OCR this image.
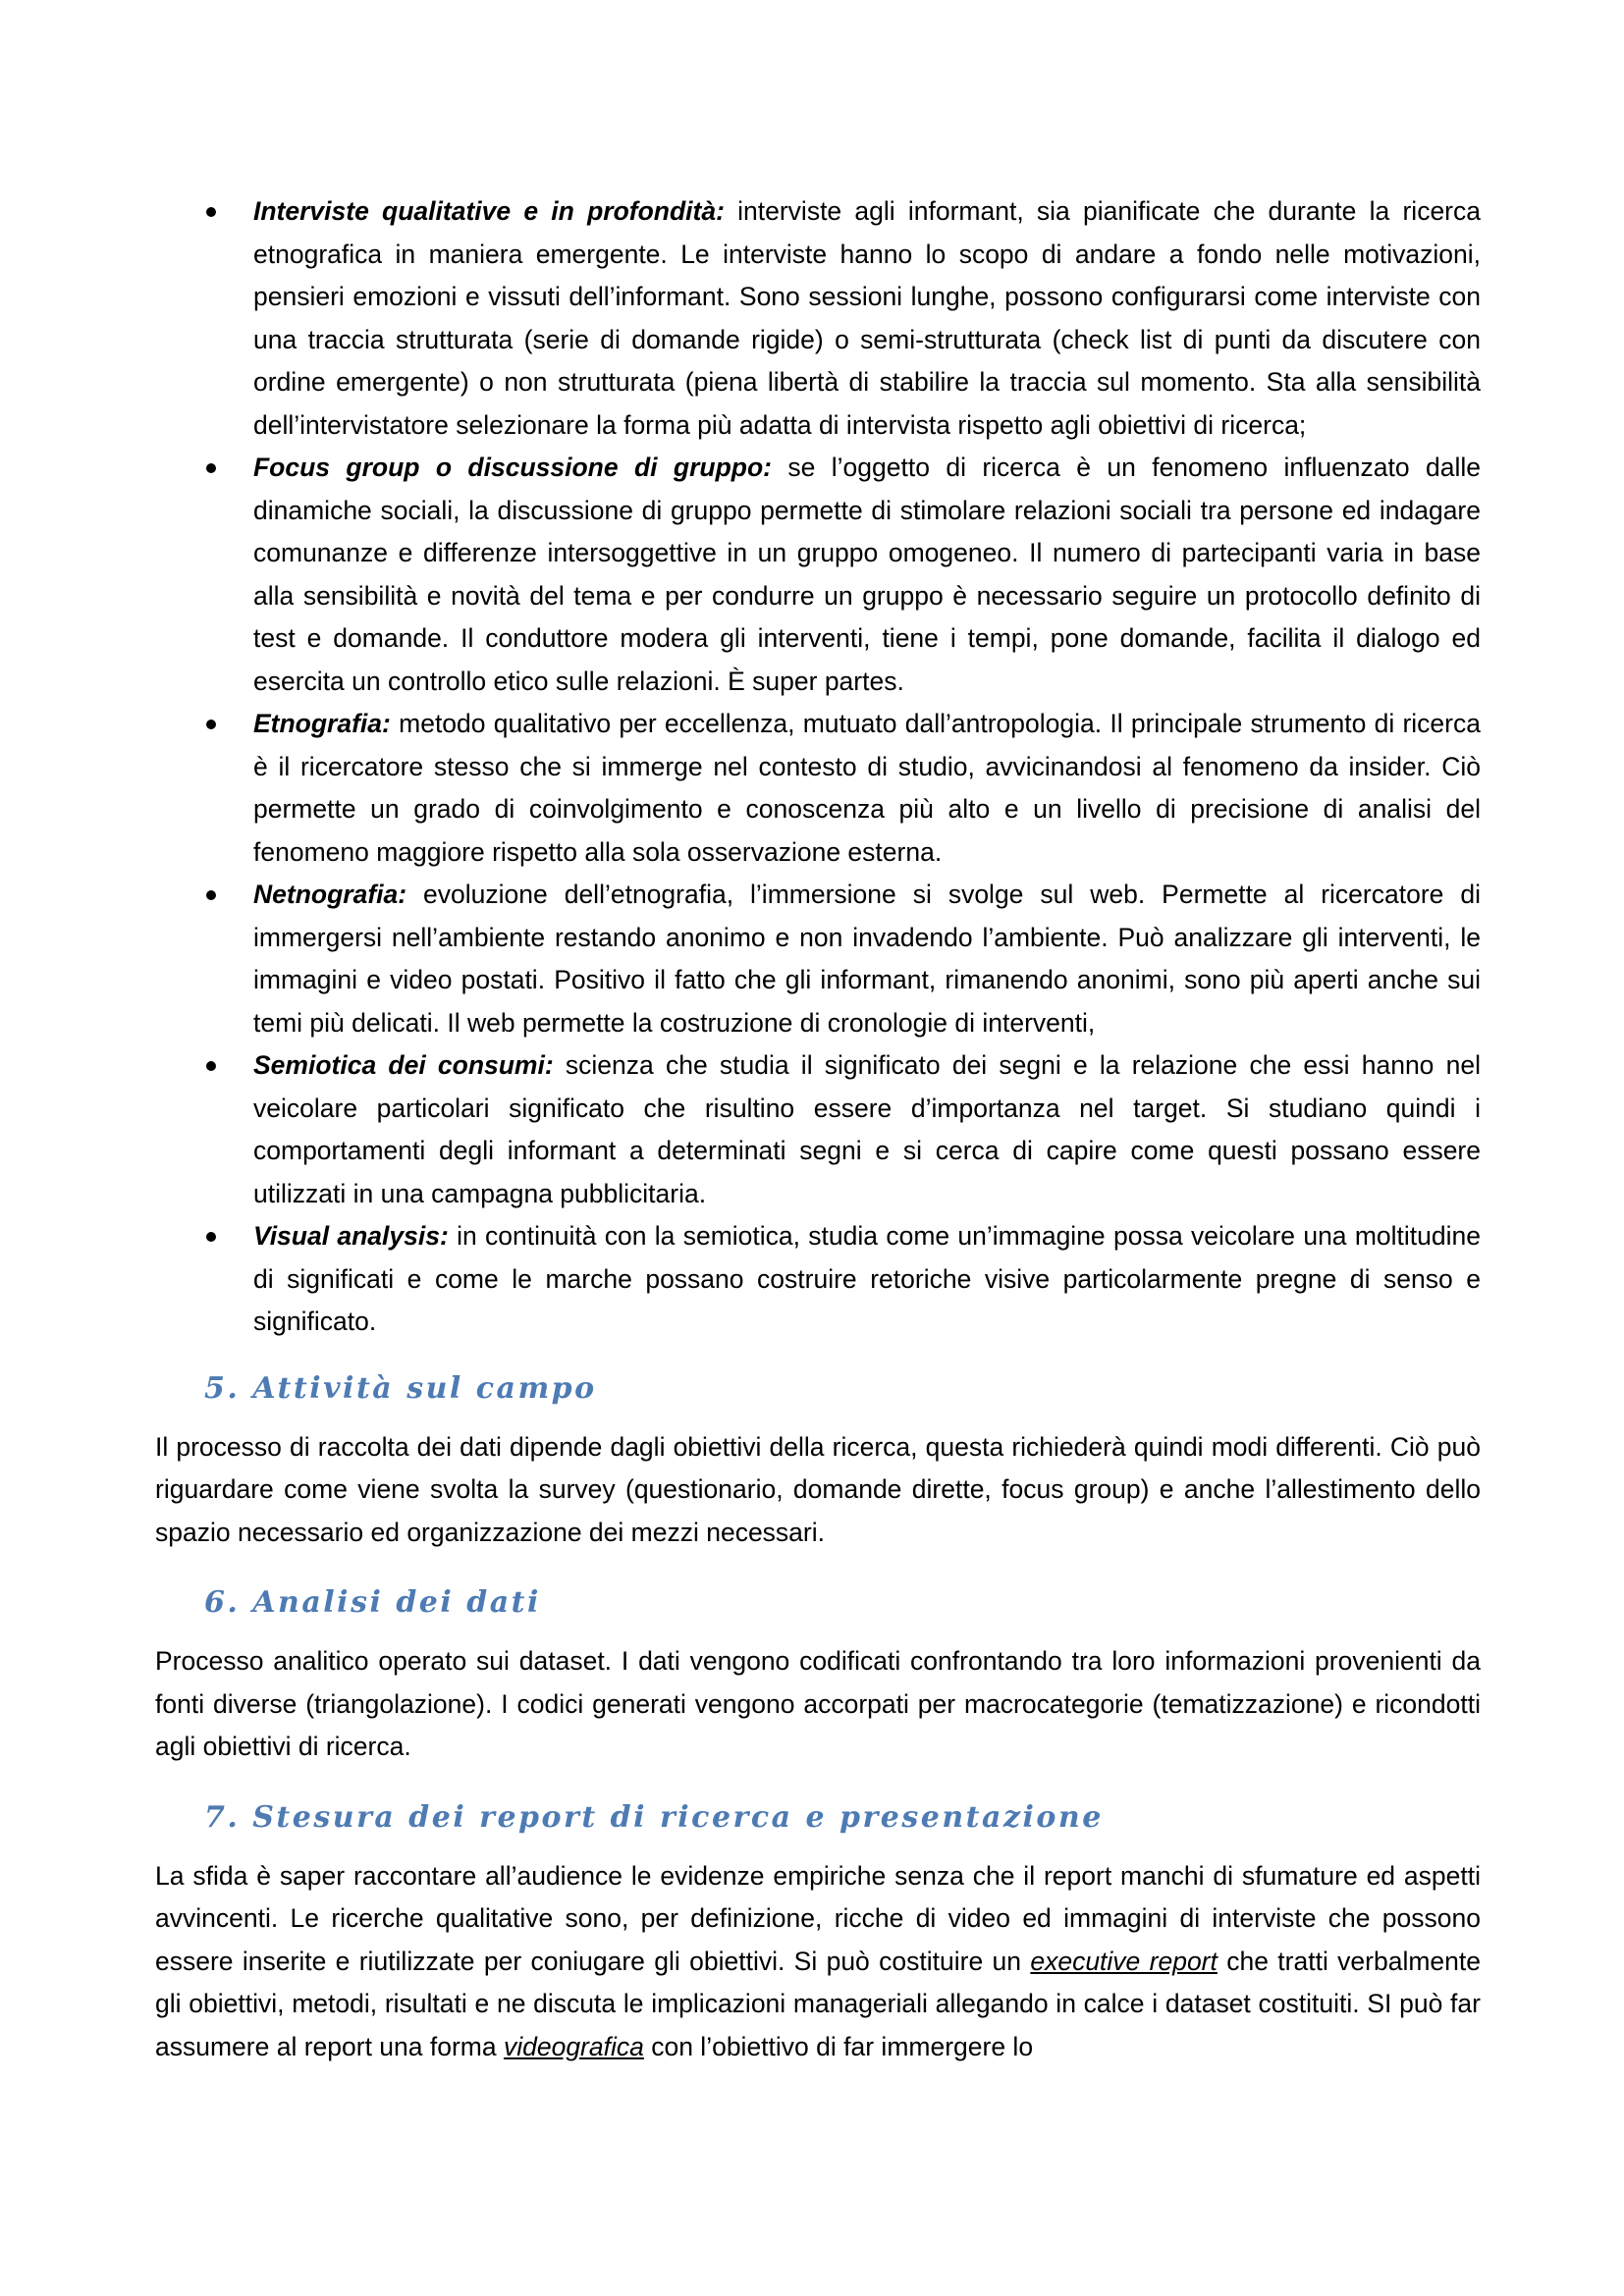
Interviste qualitative e in profondità: interviste agli informant, sia pianificate che durante la ricerca etnografica in maniera emergente. Le interviste hanno lo scopo di andare a fondo nelle motivazioni, pensieri emozioni e vissuti dell’informant. Sono sessioni lunghe, possono configurarsi come interviste con una traccia strutturata (serie di domande rigide) o semi-strutturata (check list di punti da discutere con ordine emergente) o non strutturata (piena libertà di stabilire la traccia sul momento. Sta alla sensibilità dell’intervistatore selezionare la forma più adatta di intervista rispetto agli obiettivi di ricerca;
Focus group o discussione di gruppo: se l’oggetto di ricerca è un fenomeno influenzato dalle dinamiche sociali, la discussione di gruppo permette di stimolare relazioni sociali tra persone ed indagare comunanze e differenze intersoggettive in un gruppo omogeneo. Il numero di partecipanti varia in base alla sensibilità e novità del tema e per condurre un gruppo è necessario seguire un protocollo definito di test e domande. Il conduttore modera gli interventi, tiene i tempi, pone domande, facilita il dialogo ed esercita un controllo etico sulle relazioni. È super partes.
Etnografia: metodo qualitativo per eccellenza, mutuato dall’antropologia. Il principale strumento di ricerca è il ricercatore stesso che si immerge nel contesto di studio, avvicinandosi al fenomeno da insider. Ciò permette un grado di coinvolgimento e conoscenza più alto e un livello di precisione di analisi del fenomeno maggiore rispetto alla sola osservazione esterna.
Netnografia: evoluzione dell’etnografia, l’immersione si svolge sul web. Permette al ricercatore di immergersi nell’ambiente restando anonimo e non invadendo l’ambiente. Può analizzare gli interventi, le immagini e video postati. Positivo il fatto che gli informant, rimanendo anonimi, sono più aperti anche sui temi più delicati. Il web permette la costruzione di cronologie di interventi,
Semiotica dei consumi: scienza che studia il significato dei segni e la relazione che essi hanno nel veicolare particolari significato che risultino essere d’importanza nel target. Si studiano quindi i comportamenti degli informant a determinati segni e si cerca di capire come questi possano essere utilizzati in una campagna pubblicitaria.
Visual analysis: in continuità con la semiotica, studia come un’immagine possa veicolare una moltitudine di significati e come le marche possano costruire retoriche visive particolarmente pregne di senso e significato.
5. Attività sul campo

Il processo di raccolta dei dati dipende dagli obiettivi della ricerca, questa richiederà quindi modi differenti. Ciò può riguardare come viene svolta la survey (questionario, domande dirette, focus group) e anche l’allestimento dello spazio necessario ed organizzazione dei mezzi necessari.

6. Analisi dei dati

Processo analitico operato sui dataset. I dati vengono codificati confrontando tra loro informazioni provenienti da fonti diverse (triangolazione). I codici generati vengono accorpati per macrocategorie (tematizzazione) e ricondotti agli obiettivi di ricerca.

7. Stesura dei report di ricerca e presentazione

La sfida è saper raccontare all’audience le evidenze empiriche senza che il report manchi di sfumature ed aspetti avvincenti. Le ricerche qualitative sono, per definizione, ricche di video ed immagini di interviste che possono essere inserite e riutilizzate per coniugare gli obiettivi. Si può costituire un executive report che tratti verbalmente gli obiettivi, metodi, risultati e ne discuta le implicazioni manageriali allegando in calce i dataset costituiti. SI può far assumere al report una forma videografica con l’obiettivo di far immergere lo
